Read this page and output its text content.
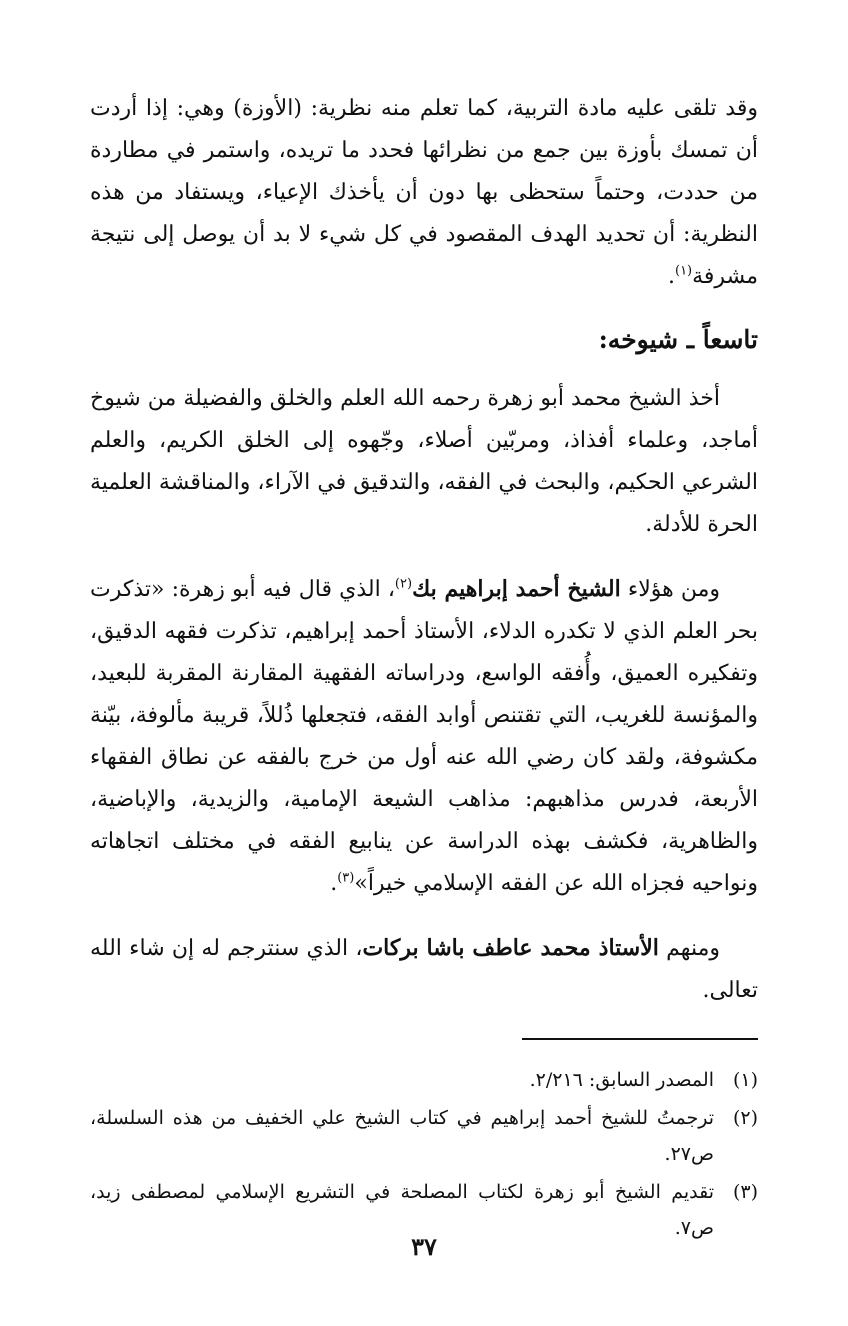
وقد تلقى عليه مادة التربية، كما تعلم منه نظرية: (الأوزة) وهي: إذا أردت أن تمسك بأوزة بين جمع من نظرائها فحدد ما تريده، واستمر في مطاردة من حددت، وحتماً ستحظى بها دون أن يأخذك الإعياء، ويستفاد من هذه النظرية: أن تحديد الهدف المقصود في كل شيء لا بد أن يوصل إلى نتيجة مشرفة$^{(١)}$.

تاسعاً ـ شيوخه:

أخذ الشيخ محمد أبو زهرة رحمه الله العلم والخلق والفضيلة من شيوخ أماجد، وعلماء أفذاذ، ومربّين أصلاء، وجّهوه إلى الخلق الكريم، والعلم الشرعي الحكيم، والبحث في الفقه، والتدقيق في الآراء، والمناقشة العلمية الحرة للأدلة.

ومن هؤلاء الشيخ أحمد إبراهيم بك$^{(٢)}$، الذي قال فيه أبو زهرة: «تذكرت بحر العلم الذي لا تكدره الدلاء، الأستاذ أحمد إبراهيم، تذكرت فقهه الدقيق، وتفكيره العميق، وأُفقه الواسع، ودراساته الفقهية المقارنة المقربة للبعيد، والمؤنسة للغريب، التي تقتنص أوابد الفقه، فتجعلها ذُللاً، قريبة مألوفة، بيّنة مكشوفة، ولقد كان رضي الله عنه أول من خرج بالفقه عن نطاق الفقهاء الأربعة، فدرس مذاهبهم: مذاهب الشيعة الإمامية، والزيدية، والإباضية، والظاهرية، فكشف بهذه الدراسة عن ينابيع الفقه في مختلف اتجاهاته ونواحيه فجزاه الله عن الفقه الإسلامي خيراً»$^{(٣)}$.

ومنهم الأستاذ محمد عاطف باشا بركات، الذي سنترجم له إن شاء الله تعالى.

(١)
المصدر السابق: ٢/٢١٦.
(٢)
ترجمتُ للشيخ أحمد إبراهيم في كتاب الشيخ علي الخفيف من هذه السلسلة، ص٢٧.
(٣)
تقديم الشيخ أبو زهرة لكتاب المصلحة في التشريع الإسلامي لمصطفى زيد، ص٧.
٣٧
